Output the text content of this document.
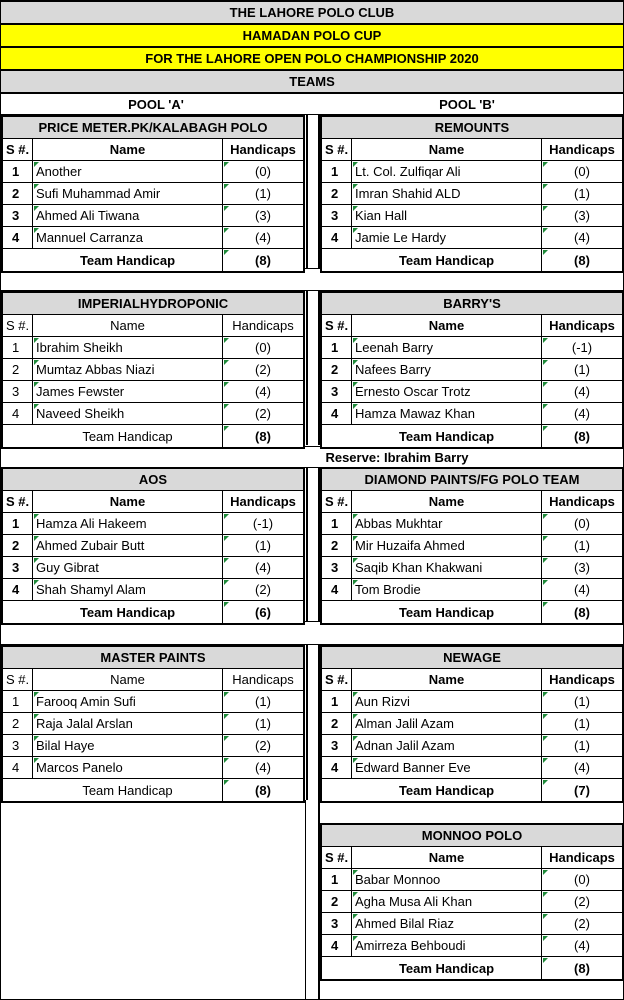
THE LAHORE POLO CLUB
HAMADAN POLO CUP
FOR THE LAHORE OPEN POLO CHAMPIONSHIP 2020
TEAMS
POOL 'A'	POOL 'B'
Reserve: Ibrahim Barry
PRICE METER.PK/KALABAGH POLO
S #.	Name	Handicaps
1	Another	(0)
2	Sufi Muhammad Amir	(1)
3	Ahmed Ali Tiwana	(3)
4	Mannuel Carranza	(4)
Team Handicap	(8)
REMOUNTS
S #.	Name	Handicaps
1	Lt. Col. Zulfiqar Ali	(0)
2	Imran Shahid ALD	(1)
3	Kian Hall	(3)
4	Jamie Le Hardy	(4)
Team Handicap	(8)
IMPERIALHYDROPONIC
S #.	Name	Handicaps
1	Ibrahim Sheikh	(0)
2	Mumtaz Abbas Niazi	(2)
3	James Fewster	(4)
4	Naveed Sheikh	(2)
Team Handicap	(8)
BARRY'S
S #.	Name	Handicaps
1	Leenah Barry	(-1)
2	Nafees Barry	(1)
3	Ernesto Oscar Trotz	(4)
4	Hamza Mawaz Khan	(4)
Team Handicap	(8)
AOS
S #.	Name	Handicaps
1	Hamza Ali Hakeem	(-1)
2	Ahmed Zubair Butt	(1)
3	Guy Gibrat	(4)
4	Shah Shamyl Alam	(2)
Team Handicap	(6)
DIAMOND PAINTS/FG POLO TEAM
S #.	Name	Handicaps
1	Abbas Mukhtar	(0)
2	Mir Huzaifa Ahmed	(1)
3	Saqib Khan Khakwani	(3)
4	Tom Brodie	(4)
Team Handicap	(8)
MASTER PAINTS
S #.	Name	Handicaps
1	Farooq Amin Sufi	(1)
2	Raja Jalal Arslan	(1)
3	Bilal Haye	(2)
4	Marcos Panelo	(4)
Team Handicap	(8)
NEWAGE
S #.	Name	Handicaps
1	Aun Rizvi	(1)
2	Alman Jalil Azam	(1)
3	Adnan Jalil Azam	(1)
4	Edward Banner Eve	(4)
Team Handicap	(7)
MONNOO POLO
S #.	Name	Handicaps
1	Babar Monnoo	(0)
2	Agha Musa Ali Khan	(2)
3	Ahmed Bilal Riaz	(2)
4	Amirreza Behboudi	(4)
Team Handicap	(8)
